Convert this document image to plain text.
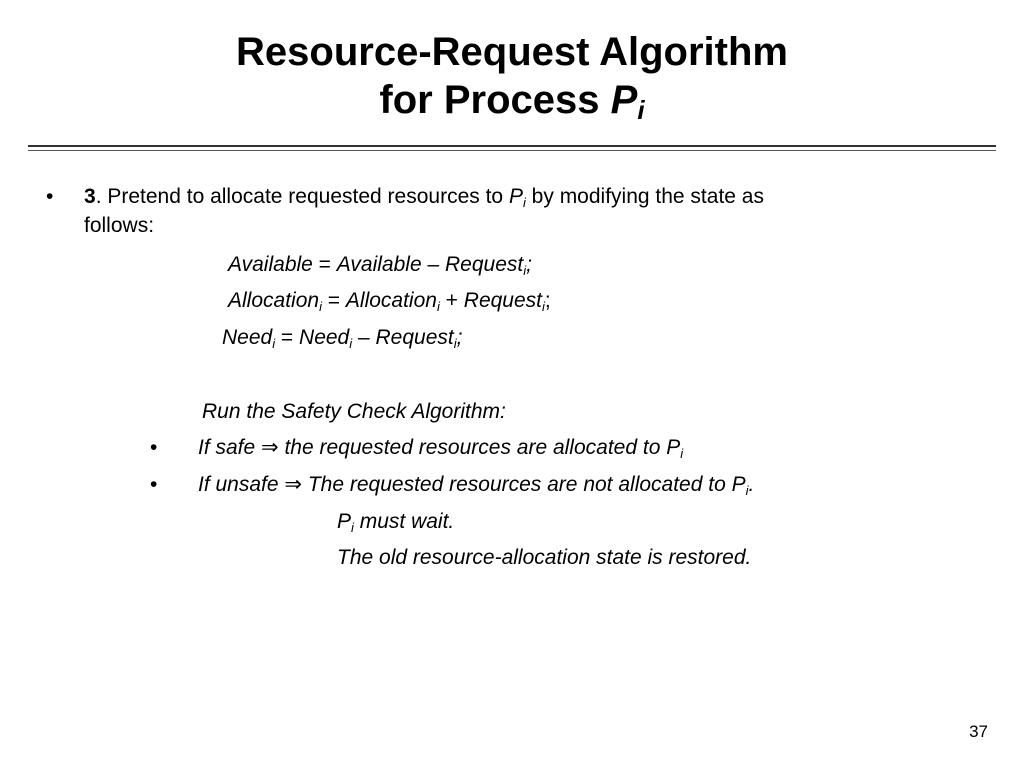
Resource-Request Algorithm
for Process $P_i$
• 3. Pretend to allocate requested resources to $P_i$ by modifying the state as
follows:
Available = Available – Request$_i$;
Allocation$_i$ = Allocation$_i$ + Request$_i$;
Need$_i$ = Need$_i$ – Request$_i$;
Run the Safety Check Algorithm:
• If safe ⇒ the requested resources are allocated to $P_i$
• If unsafe ⇒ The requested resources are not allocated to $P_i$.
$P_i$ must wait.
The old resource-allocation state is restored.
37
